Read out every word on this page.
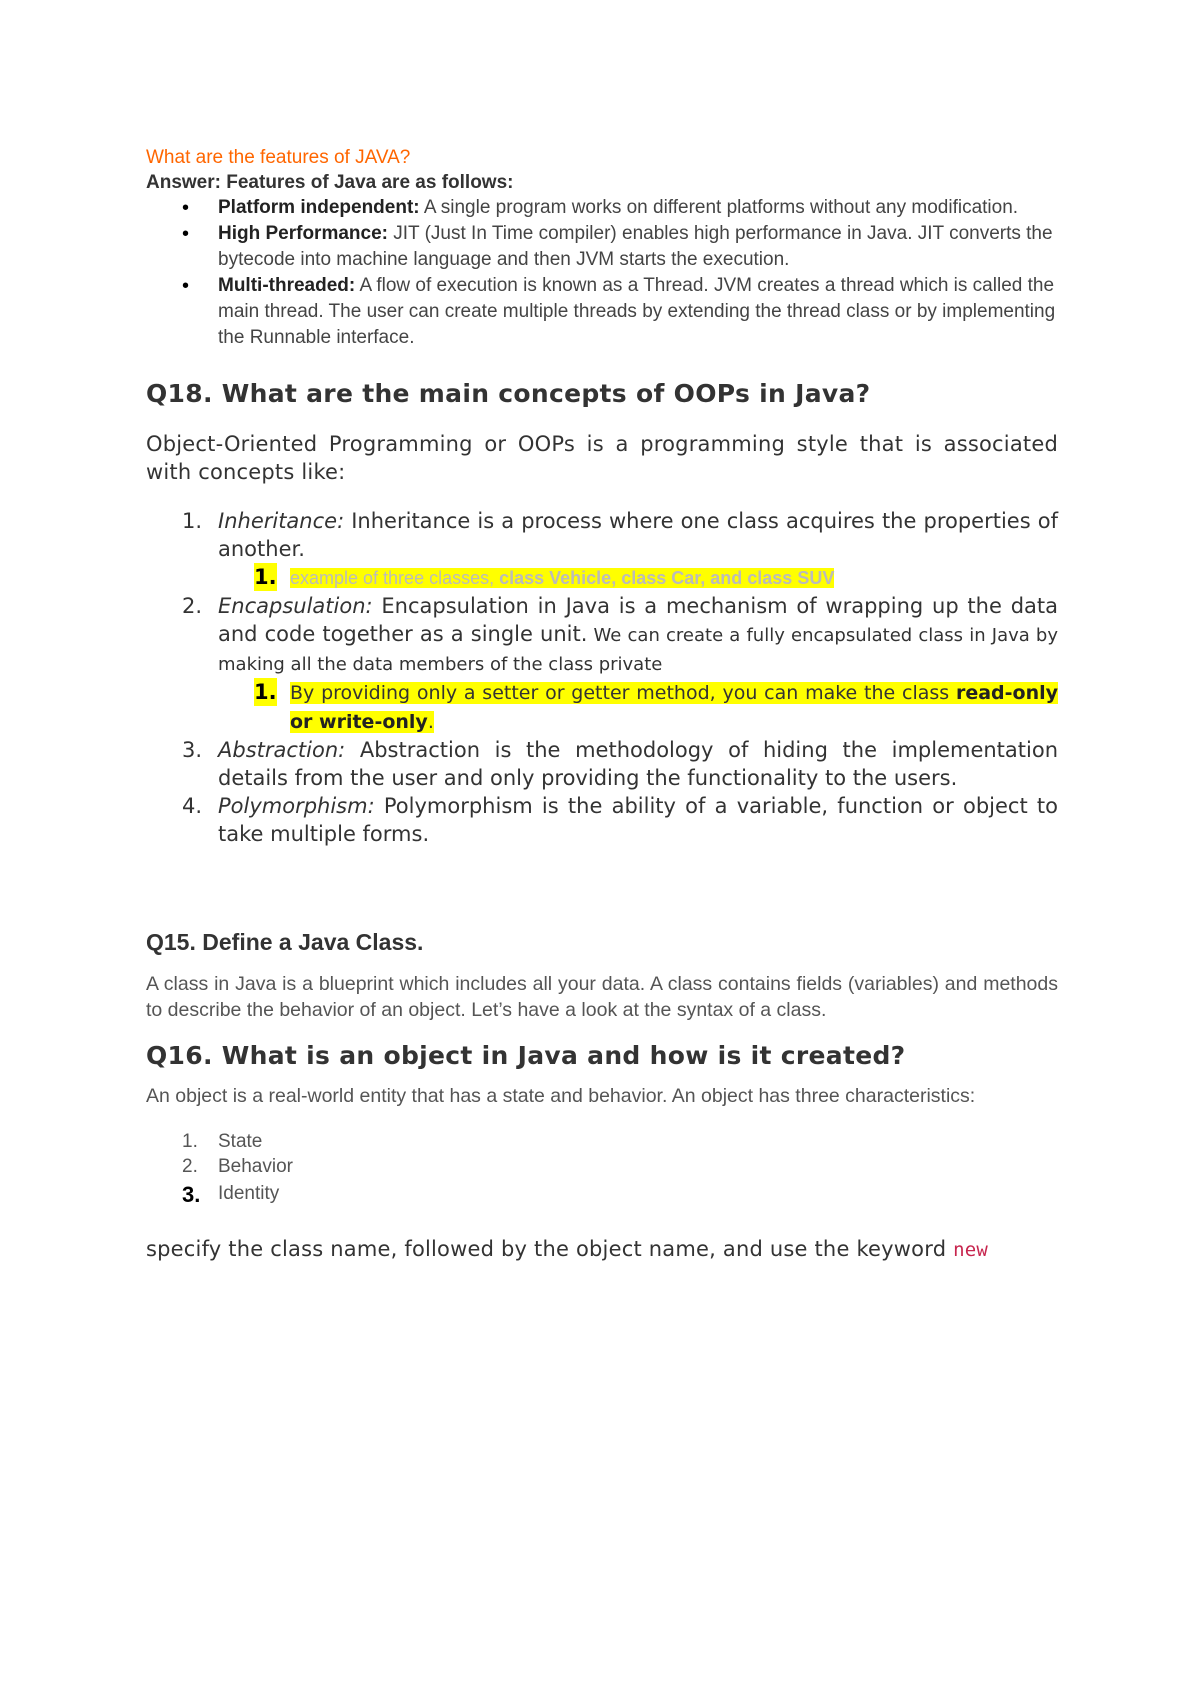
What are the features of JAVA?

Answer: Features of Java are as follows:

• Platform independent: A single program works on different platforms without any modification.
• High Performance: JIT (Just In Time compiler) enables high performance in Java. JIT converts the bytecode into machine language and then JVM starts the execution.
• Multi-threaded: A flow of execution is known as a Thread. JVM creates a thread which is called the main thread. The user can create multiple threads by extending the thread class or by implementing the Runnable interface.
Q18. What are the main concepts of OOPs in Java?

Object-Oriented Programming or OOPs is a programming style that is associated with concepts like:

1. Inheritance: Inheritance is a process where one class acquires the properties of another.
1. example of three classes, class Vehicle, class Car, and class SUV
2. Encapsulation: Encapsulation in Java is a mechanism of wrapping up the data and code together as a single unit. We can create a fully encapsulated class in Java by making all the data members of the class private
1. By providing only a setter or getter method, you can make the class read-only or write-only.
3. Abstraction: Abstraction is the methodology of hiding the implementation details from the user and only providing the functionality to the users.
4. Polymorphism: Polymorphism is the ability of a variable, function or object to take multiple forms.
Q15. Define a Java Class.

A class in Java is a blueprint which includes all your data. A class contains fields (variables) and methods to describe the behavior of an object. Let’s have a look at the syntax of a class.

Q16. What is an object in Java and how is it created?

An object is a real-world entity that has a state and behavior. An object has three characteristics:

1. State
2. Behavior
3. Identity

specify the class name, followed by the object name, and use the keyword new
